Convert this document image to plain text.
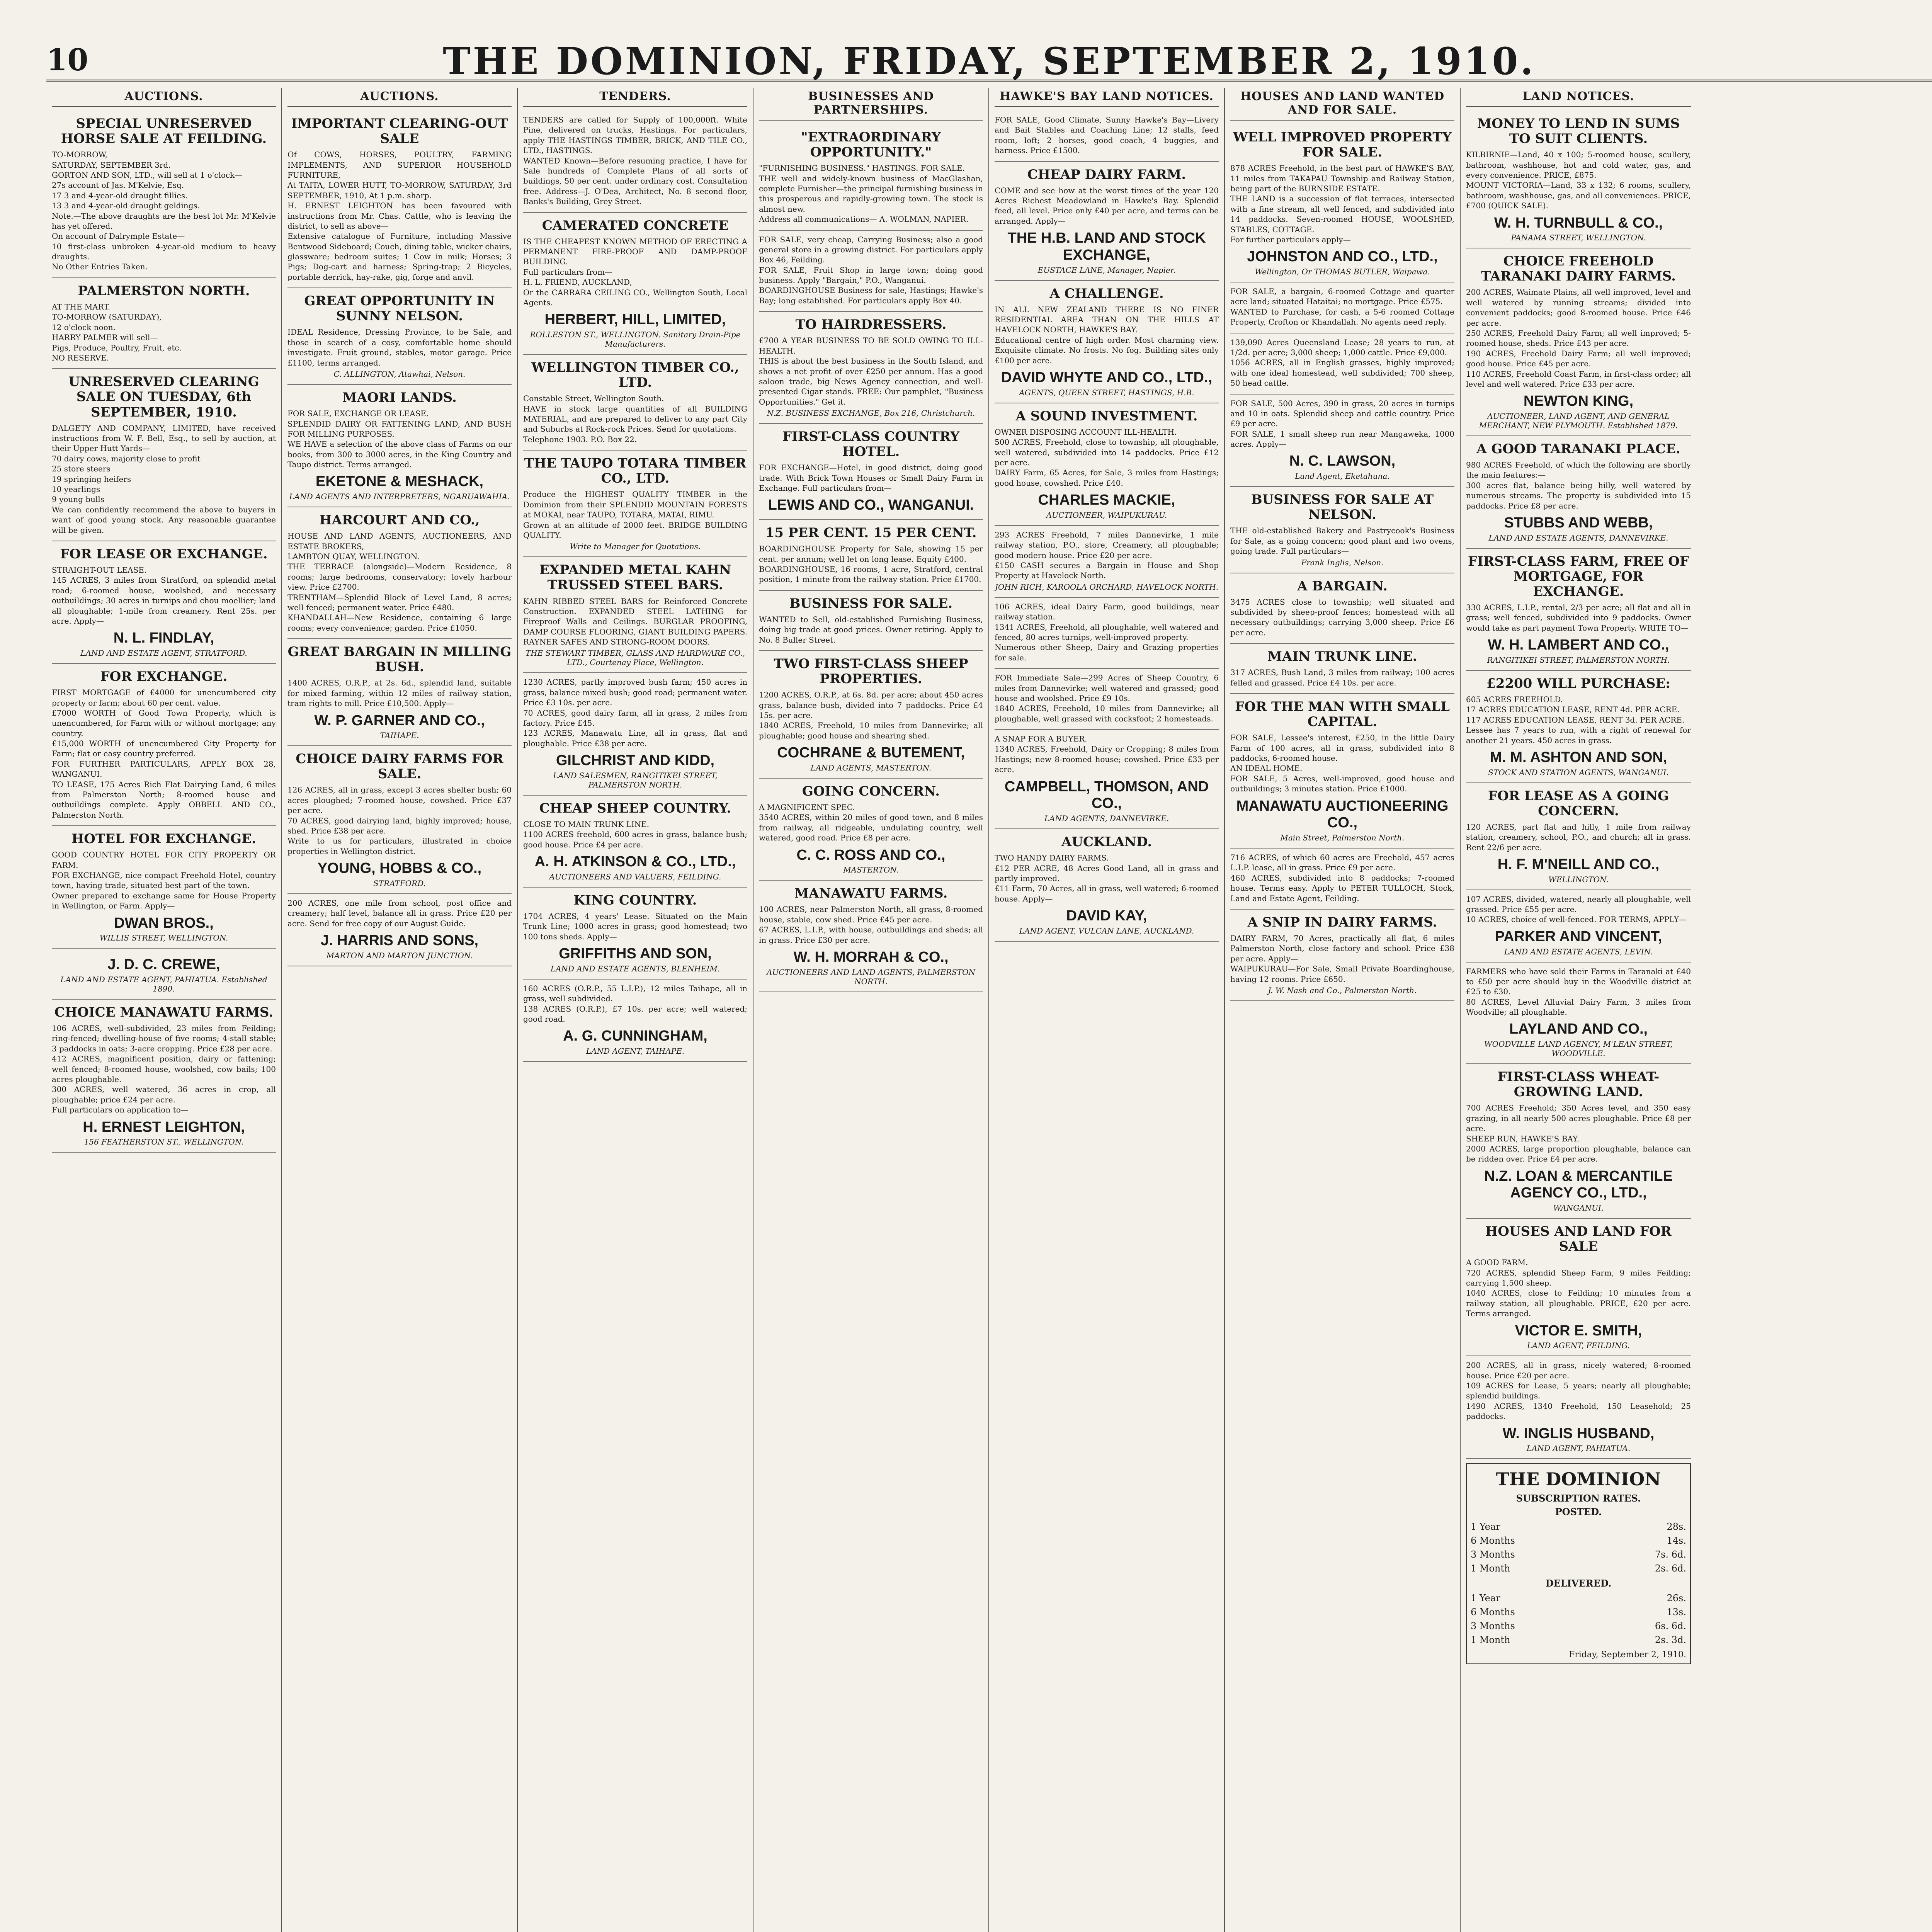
10	THE DOMINION, FRIDAY, SEPTEMBER 2, 1910.
AUCTIONS.
SPECIAL UNRESERVED HORSE SALE AT FEILDING.
TO-MORROW,
SATURDAY, SEPTEMBER 3rd.
GORTON AND SON, LTD., will sell at 1 o'clock—
27s account of Jas. M'Kelvie, Esq.
17 3 and 4-year-old draught fillies.
13 3 and 4-year-old draught geldings.
Note.—The above draughts are the best lot Mr. M'Kelvie has yet offered.
On account of Dalrymple Estate—
10 first-class unbroken 4-year-old medium to heavy draughts.
No Other Entries Taken.
PALMERSTON NORTH.
AT THE MART.
TO-MORROW (SATURDAY),
12 o'clock noon.
HARRY PALMER will sell—
Pigs, Produce, Poultry, Fruit, etc.
NO RESERVE.
UNRESERVED CLEARING SALE ON TUESDAY, 6th SEPTEMBER, 1910.
DALGETY AND COMPANY, LIMITED, have received instructions from W. F. Bell, Esq., to sell by auction, at their Upper Hutt Yards—
70 dairy cows, majority close to profit
25 store steers
19 springing heifers
10 yearlings
9 young bulls
We can confidently recommend the above to buyers in want of good young stock. Any reasonable guarantee will be given.
FOR LEASE OR EXCHANGE.
STRAIGHT-OUT LEASE.
145 ACRES, 3 miles from Stratford, on splendid metal road; 6-roomed house, woolshed, and necessary outbuildings; 30 acres in turnips and chou moellier; land all ploughable; 1-mile from creamery. Rent 25s. per acre. Apply—
N. L. FINDLAY,
LAND AND ESTATE AGENT, STRATFORD.
FOR EXCHANGE.
FIRST MORTGAGE of £4000 for unencumbered city property or farm; about 60 per cent. value.
£7000 WORTH of Good Town Property, which is unencumbered, for Farm with or without mortgage; any country.
£15,000 WORTH of unencumbered City Property for Farm; flat or easy country preferred.
FOR FURTHER PARTICULARS, APPLY BOX 28, WANGANUI.
TO LEASE, 175 Acres Rich Flat Dairying Land, 6 miles from Palmerston North; 8-roomed house and outbuildings complete. Apply OBBELL AND CO., Palmerston North.
HOTEL FOR EXCHANGE.
GOOD COUNTRY HOTEL FOR CITY PROPERTY OR FARM.
FOR EXCHANGE, nice compact Freehold Hotel, country town, having trade, situated best part of the town.
Owner prepared to exchange same for House Property in Wellington, or Farm. Apply—
DWAN BROS.,
WILLIS STREET, WELLINGTON.
J. D. C. CREWE,
LAND AND ESTATE AGENT, PAHIATUA. Established 1890.
CHOICE MANAWATU FARMS.
106 ACRES, well-subdivided, 23 miles from Feilding; ring-fenced; dwelling-house of five rooms; 4-stall stable; 3 paddocks in oats; 3-acre cropping. Price £28 per acre.
412 ACRES, magnificent position, dairy or fattening; well fenced; 8-roomed house, woolshed, cow bails; 100 acres ploughable.
300 ACRES, well watered, 36 acres in crop, all ploughable; price £24 per acre.
Full particulars on application to—
H. ERNEST LEIGHTON,
156 FEATHERSTON ST., WELLINGTON.
AUCTIONS.
IMPORTANT CLEARING-OUT SALE
Of COWS, HORSES, POULTRY, FARMING IMPLEMENTS, AND SUPERIOR HOUSEHOLD FURNITURE,
At TAITA, LOWER HUTT, TO-MORROW, SATURDAY, 3rd SEPTEMBER, 1910, At 1 p.m. sharp.
H. ERNEST LEIGHTON has been favoured with instructions from Mr. Chas. Cattle, who is leaving the district, to sell as above—
Extensive catalogue of Furniture, including Massive Bentwood Sideboard; Couch, dining table, wicker chairs, glassware; bedroom suites; 1 Cow in milk; Horses; 3 Pigs; Dog-cart and harness; Spring-trap; 2 Bicycles, portable derrick, hay-rake, gig, forge and anvil.
GREAT OPPORTUNITY IN SUNNY NELSON.
IDEAL Residence, Dressing Province, to be Sale, and those in search of a cosy, comfortable home should investigate. Fruit ground, stables, motor garage. Price £1100, terms arranged.
C. ALLINGTON, Atawhai, Nelson.
MAORI LANDS.
FOR SALE, EXCHANGE OR LEASE.
SPLENDID DAIRY OR FATTENING LAND, AND BUSH FOR MILLING PURPOSES.
WE HAVE a selection of the above class of Farms on our books, from 300 to 3000 acres, in the King Country and Taupo district. Terms arranged.
EKETONE & MESHACK,
LAND AGENTS AND INTERPRETERS, NGARUAWAHIA.
HARCOURT AND CO.,
HOUSE AND LAND AGENTS, AUCTIONEERS, AND ESTATE BROKERS,
LAMBTON QUAY, WELLINGTON.
THE TERRACE (alongside)—Modern Residence, 8 rooms; large bedrooms, conservatory; lovely harbour view. Price £2700.
TRENTHAM—Splendid Block of Level Land, 8 acres; well fenced; permanent water. Price £480.
KHANDALLAH—New Residence, containing 6 large rooms; every convenience; garden. Price £1050.
GREAT BARGAIN IN MILLING BUSH.
1400 ACRES, O.R.P., at 2s. 6d., splendid land, suitable for mixed farming, within 12 miles of railway station, tram rights to mill. Price £10,500. Apply—
W. P. GARNER AND CO.,
TAIHAPE.
CHOICE DAIRY FARMS FOR SALE.
126 ACRES, all in grass, except 3 acres shelter bush; 60 acres ploughed; 7-roomed house, cowshed. Price £37 per acre.
70 ACRES, good dairying land, highly improved; house, shed. Price £38 per acre.
Write to us for particulars, illustrated in choice properties in Wellington district.
YOUNG, HOBBS & CO.,
STRATFORD.
200 ACRES, one mile from school, post office and creamery; half level, balance all in grass. Price £20 per acre. Send for free copy of our August Guide.
J. HARRIS AND SONS,
MARTON AND MARTON JUNCTION.
TENDERS.
TENDERS are called for Supply of 100,000ft. White Pine, delivered on trucks, Hastings. For particulars, apply THE HASTINGS TIMBER, BRICK, AND TILE CO., LTD., HASTINGS.
WANTED Known—Before resuming practice, I have for Sale hundreds of Complete Plans of all sorts of buildings, 50 per cent. under ordinary cost. Consultation free. Address—J. O'Dea, Architect, No. 8 second floor, Banks's Building, Grey Street.
CAMERATED CONCRETE
IS THE CHEAPEST KNOWN METHOD OF ERECTING A PERMANENT FIRE-PROOF AND DAMP-PROOF BUILDING.
Full particulars from—
H. L. FRIEND, AUCKLAND,
Or the CARRARA CEILING CO., Wellington South, Local Agents.
HERBERT, HILL, LIMITED,
ROLLESTON ST., WELLINGTON. Sanitary Drain-Pipe Manufacturers.
WELLINGTON TIMBER CO., LTD.
Constable Street, Wellington South.
HAVE in stock large quantities of all BUILDING MATERIAL, and are prepared to deliver to any part City and Suburbs at Rock-rock Prices. Send for quotations.
Telephone 1903. P.O. Box 22.
THE TAUPO TOTARA TIMBER CO., LTD.
Produce the HIGHEST QUALITY TIMBER in the Dominion from their SPLENDID MOUNTAIN FORESTS at MOKAI, near TAUPO, TOTARA, MATAI, RIMU.
Grown at an altitude of 2000 feet. BRIDGE BUILDING QUALITY.
Write to Manager for Quotations.
EXPANDED METAL KAHN TRUSSED STEEL BARS.
KAHN RIBBED STEEL BARS for Reinforced Concrete Construction. EXPANDED STEEL LATHING for Fireproof Walls and Ceilings. BURGLAR PROOFING, DAMP COURSE FLOORING, GIANT BUILDING PAPERS. RAYNER SAFES AND STRONG-ROOM DOORS.
THE STEWART TIMBER, GLASS AND HARDWARE CO., LTD., Courtenay Place, Wellington.
1230 ACRES, partly improved bush farm; 450 acres in grass, balance mixed bush; good road; permanent water. Price £3 10s. per acre.
70 ACRES, good dairy farm, all in grass, 2 miles from factory. Price £45.
123 ACRES, Manawatu Line, all in grass, flat and ploughable. Price £38 per acre.
GILCHRIST AND KIDD,
LAND SALESMEN, RANGITIKEI STREET, PALMERSTON NORTH.
CHEAP SHEEP COUNTRY.
CLOSE TO MAIN TRUNK LINE.
1100 ACRES freehold, 600 acres in grass, balance bush; good house. Price £4 per acre.
A. H. ATKINSON & CO., LTD.,
AUCTIONEERS AND VALUERS, FEILDING.
KING COUNTRY.
1704 ACRES, 4 years' Lease. Situated on the Main Trunk Line; 1000 acres in grass; good homestead; two 100 tons sheds. Apply—
GRIFFITHS AND SON,
LAND AND ESTATE AGENTS, BLENHEIM.
160 ACRES (O.R.P., 55 L.I.P.), 12 miles Taihape, all in grass, well subdivided.
138 ACRES (O.R.P.), £7 10s. per acre; well watered; good road.
A. G. CUNNINGHAM,
LAND AGENT, TAIHAPE.
BUSINESSES AND PARTNERSHIPS.
"EXTRAORDINARY OPPORTUNITY."
"FURNISHING BUSINESS." HASTINGS. FOR SALE.
THE well and widely-known business of MacGlashan, complete Furnisher—the principal furnishing business in this prosperous and rapidly-growing town. The stock is almost new.
Address all communications— A. WOLMAN, NAPIER.
FOR SALE, very cheap, Carrying Business; also a good general store in a growing district. For particulars apply Box 46, Feilding.
FOR SALE, Fruit Shop in large town; doing good business. Apply "Bargain," P.O., Wanganui.
BOARDINGHOUSE Business for sale, Hastings; Hawke's Bay; long established. For particulars apply Box 40.
TO HAIRDRESSERS.
£700 A YEAR BUSINESS TO BE SOLD OWING TO ILL-HEALTH.
THIS is about the best business in the South Island, and shows a net profit of over £250 per annum. Has a good saloon trade, big News Agency connection, and well-presented Cigar stands. FREE: Our pamphlet, "Business Opportunities." Get it.
N.Z. BUSINESS EXCHANGE, Box 216, Christchurch.
FIRST-CLASS COUNTRY HOTEL.
FOR EXCHANGE—Hotel, in good district, doing good trade. With Brick Town Houses or Small Dairy Farm in Exchange. Full particulars from—
LEWIS AND CO., WANGANUI.
15 PER CENT. 15 PER CENT.
BOARDINGHOUSE Property for Sale, showing 15 per cent. per annum; well let on long lease. Equity £400.
BOARDINGHOUSE, 16 rooms, 1 acre, Stratford, central position, 1 minute from the railway station. Price £1700.
BUSINESS FOR SALE.
WANTED to Sell, old-established Furnishing Business, doing big trade at good prices. Owner retiring. Apply to No. 8 Buller Street.
TWO FIRST-CLASS SHEEP PROPERTIES.
1200 ACRES, O.R.P., at 6s. 8d. per acre; about 450 acres grass, balance bush, divided into 7 paddocks. Price £4 15s. per acre.
1840 ACRES, Freehold, 10 miles from Dannevirke; all ploughable; good house and shearing shed.
COCHRANE & BUTEMENT,
LAND AGENTS, MASTERTON.
GOING CONCERN.
A MAGNIFICENT SPEC.
3540 ACRES, within 20 miles of good town, and 8 miles from railway, all ridgeable, undulating country, well watered, good road. Price £8 per acre.
C. C. ROSS AND CO.,
MASTERTON.
MANAWATU FARMS.
100 ACRES, near Palmerston North, all grass, 8-roomed house, stable, cow shed. Price £45 per acre.
67 ACRES, L.I.P., with house, outbuildings and sheds; all in grass. Price £30 per acre.
W. H. MORRAH & CO.,
AUCTIONEERS AND LAND AGENTS, PALMERSTON NORTH.
HAWKE'S BAY LAND NOTICES.
FOR SALE, Good Climate, Sunny Hawke's Bay—Livery and Bait Stables and Coaching Line; 12 stalls, feed room, loft; 2 horses, good coach, 4 buggies, and harness. Price £1500.
CHEAP DAIRY FARM.
COME and see how at the worst times of the year 120 Acres Richest Meadowland in Hawke's Bay. Splendid feed, all level. Price only £40 per acre, and terms can be arranged. Apply—
THE H.B. LAND AND STOCK EXCHANGE,
EUSTACE LANE, Manager, Napier.
A CHALLENGE.
IN ALL NEW ZEALAND THERE IS NO FINER RESIDENTIAL AREA THAN ON THE HILLS AT HAVELOCK NORTH, HAWKE'S BAY.
Educational centre of high order. Most charming view. Exquisite climate. No frosts. No fog. Building sites only £100 per acre.
DAVID WHYTE AND CO., LTD.,
AGENTS, QUEEN STREET, HASTINGS, H.B.
A SOUND INVESTMENT.
OWNER DISPOSING ACCOUNT ILL-HEALTH.
500 ACRES, Freehold, close to township, all ploughable, well watered, subdivided into 14 paddocks. Price £12 per acre.
DAIRY Farm, 65 Acres, for Sale, 3 miles from Hastings; good house, cowshed. Price £40.
CHARLES MACKIE,
AUCTIONEER, WAIPUKURAU.
293 ACRES Freehold, 7 miles Dannevirke, 1 mile railway station, P.O., store, Creamery, all ploughable; good modern house. Price £20 per acre.
£150 CASH secures a Bargain in House and Shop Property at Havelock North.
JOHN RICH, KAROOLA ORCHARD, HAVELOCK NORTH.
106 ACRES, ideal Dairy Farm, good buildings, near railway station.
1341 ACRES, Freehold, all ploughable, well watered and fenced, 80 acres turnips, well-improved property.
Numerous other Sheep, Dairy and Grazing properties for sale.
FOR Immediate Sale—299 Acres of Sheep Country, 6 miles from Dannevirke; well watered and grassed; good house and woolshed. Price £9 10s.
1840 ACRES, Freehold, 10 miles from Dannevirke; all ploughable, well grassed with cocksfoot; 2 homesteads.
A SNAP FOR A BUYER.
1340 ACRES, Freehold, Dairy or Cropping; 8 miles from Hastings; new 8-roomed house; cowshed. Price £33 per acre.
CAMPBELL, THOMSON, AND CO.,
LAND AGENTS, DANNEVIRKE.
AUCKLAND.
TWO HANDY DAIRY FARMS.
£12 PER ACRE, 48 Acres Good Land, all in grass and partly improved.
£11 Farm, 70 Acres, all in grass, well watered; 6-roomed house. Apply—
DAVID KAY,
LAND AGENT, VULCAN LANE, AUCKLAND.
HOUSES AND LAND WANTED AND FOR SALE.
WELL IMPROVED PROPERTY FOR SALE.
878 ACRES Freehold, in the best part of HAWKE'S BAY, 11 miles from TAKAPAU Township and Railway Station, being part of the BURNSIDE ESTATE.
THE LAND is a succession of flat terraces, intersected with a fine stream, all well fenced, and subdivided into 14 paddocks. Seven-roomed HOUSE, WOOLSHED, STABLES, COTTAGE.
For further particulars apply—
JOHNSTON AND CO., LTD.,
Wellington, Or THOMAS BUTLER, Waipawa.
FOR SALE, a bargain, 6-roomed Cottage and quarter acre land; situated Hataitai; no mortgage. Price £575.
WANTED to Purchase, for cash, a 5-6 roomed Cottage Property, Crofton or Khandallah. No agents need reply.
139,090 Acres Queensland Lease; 28 years to run, at 1/2d. per acre; 3,000 sheep; 1,000 cattle. Price £9,000.
1056 ACRES, all in English grasses, highly improved; with one ideal homestead, well subdivided; 700 sheep, 50 head cattle.
FOR SALE, 500 Acres, 390 in grass, 20 acres in turnips and 10 in oats. Splendid sheep and cattle country. Price £9 per acre.
FOR SALE, 1 small sheep run near Mangaweka, 1000 acres. Apply—
N. C. LAWSON,
Land Agent, Eketahuna.
BUSINESS FOR SALE AT NELSON.
THE old-established Bakery and Pastrycook's Business for Sale, as a going concern; good plant and two ovens, going trade. Full particulars—
Frank Inglis, Nelson.
A BARGAIN.
3475 ACRES close to township; well situated and subdivided by sheep-proof fences; homestead with all necessary outbuildings; carrying 3,000 sheep. Price £6 per acre.
MAIN TRUNK LINE.
317 ACRES, Bush Land, 3 miles from railway; 100 acres felled and grassed. Price £4 10s. per acre.
FOR THE MAN WITH SMALL CAPITAL.
FOR SALE, Lessee's interest, £250, in the little Dairy Farm of 100 acres, all in grass, subdivided into 8 paddocks, 6-roomed house.
AN IDEAL HOME.
FOR SALE, 5 Acres, well-improved, good house and outbuildings; 3 minutes station. Price £1000.
MANAWATU AUCTIONEERING CO.,
Main Street, Palmerston North.
716 ACRES, of which 60 acres are Freehold, 457 acres L.I.P. lease, all in grass. Price £9 per acre.
460 ACRES, subdivided into 8 paddocks; 7-roomed house. Terms easy. Apply to PETER TULLOCH, Stock, Land and Estate Agent, Feilding.
A SNIP IN DAIRY FARMS.
DAIRY FARM, 70 Acres, practically all flat, 6 miles Palmerston North, close factory and school. Price £38 per acre. Apply—
WAIPUKURAU—For Sale, Small Private Boardinghouse, having 12 rooms. Price £650.
J. W. Nash and Co., Palmerston North.
LAND NOTICES.
MONEY TO LEND IN SUMS TO SUIT CLIENTS.
KILBIRNIE—Land, 40 x 100; 5-roomed house, scullery, bathroom, washhouse, hot and cold water, gas, and every convenience. PRICE, £875.
MOUNT VICTORIA—Land, 33 x 132; 6 rooms, scullery, bathroom, washhouse, gas, and all conveniences. PRICE, £700 (QUICK SALE).
W. H. TURNBULL & CO.,
PANAMA STREET, WELLINGTON.
CHOICE FREEHOLD TARANAKI DAIRY FARMS.
200 ACRES, Waimate Plains, all well improved, level and well watered by running streams; divided into convenient paddocks; good 8-roomed house. Price £46 per acre.
250 ACRES, Freehold Dairy Farm; all well improved; 5-roomed house, sheds. Price £43 per acre.
190 ACRES, Freehold Dairy Farm; all well improved; good house. Price £45 per acre.
110 ACRES, Freehold Coast Farm, in first-class order; all level and well watered. Price £33 per acre.
NEWTON KING,
AUCTIONEER, LAND AGENT, AND GENERAL MERCHANT, NEW PLYMOUTH. Established 1879.
A GOOD TARANAKI PLACE.
980 ACRES Freehold, of which the following are shortly the main features:—
300 acres flat, balance being hilly, well watered by numerous streams. The property is subdivided into 15 paddocks. Price £8 per acre.
STUBBS AND WEBB,
LAND AND ESTATE AGENTS, DANNEVIRKE.
FIRST-CLASS FARM, FREE OF MORTGAGE, FOR EXCHANGE.
330 ACRES, L.I.P., rental, 2/3 per acre; all flat and all in grass; well fenced, subdivided into 9 paddocks. Owner would take as part payment Town Property. WRITE TO—
W. H. LAMBERT AND CO.,
RANGITIKEI STREET, PALMERSTON NORTH.
£2200 WILL PURCHASE:
605 ACRES FREEHOLD.
17 ACRES EDUCATION LEASE, RENT 4d. PER ACRE.
117 ACRES EDUCATION LEASE, RENT 3d. PER ACRE.
Lessee has 7 years to run, with a right of renewal for another 21 years. 450 acres in grass.
M. M. ASHTON AND SON,
STOCK AND STATION AGENTS, WANGANUI.
FOR LEASE AS A GOING CONCERN.
120 ACRES, part flat and hilly, 1 mile from railway station, creamery, school, P.O., and church; all in grass. Rent 22/6 per acre.
H. F. M'NEILL AND CO.,
WELLINGTON.
107 ACRES, divided, watered, nearly all ploughable, well grassed. Price £55 per acre.
10 ACRES, choice of well-fenced. FOR TERMS, APPLY—
PARKER AND VINCENT,
LAND AND ESTATE AGENTS, LEVIN.
FARMERS who have sold their Farms in Taranaki at £40 to £50 per acre should buy in the Woodville district at £25 to £30.
80 ACRES, Level Alluvial Dairy Farm, 3 miles from Woodville; all ploughable.
LAYLAND AND CO.,
WOODVILLE LAND AGENCY, M'LEAN STREET, WOODVILLE.
FIRST-CLASS WHEAT-GROWING LAND.
700 ACRES Freehold; 350 Acres level, and 350 easy grazing, in all nearly 500 acres ploughable. Price £8 per acre.
SHEEP RUN, HAWKE'S BAY.
2000 ACRES, large proportion ploughable, balance can be ridden over. Price £4 per acre.
N.Z. LOAN & MERCANTILE AGENCY CO., LTD.,
WANGANUI.
HOUSES AND LAND FOR SALE
A GOOD FARM.
720 ACRES, splendid Sheep Farm, 9 miles Feilding; carrying 1,500 sheep.
1040 ACRES, close to Feilding; 10 minutes from a railway station, all ploughable. PRICE, £20 per acre. Terms arranged.
VICTOR E. SMITH,
LAND AGENT, FEILDING.
200 ACRES, all in grass, nicely watered; 8-roomed house. Price £20 per acre.
109 ACRES for Lease, 5 years; nearly all ploughable; splendid buildings.
1490 ACRES, 1340 Freehold, 150 Leasehold; 25 paddocks.
W. INGLIS HUSBAND,
LAND AGENT, PAHIATUA.
THE DOMINION
SUBSCRIPTION RATES.
POSTED.
1 Year	28s.
6 Months	14s.
3 Months	7s. 6d.
1 Month	2s. 6d.
DELIVERED.
1 Year	26s.
6 Months	13s.
3 Months	6s. 6d.
1 Month	2s. 3d.
Friday, September 2, 1910.
